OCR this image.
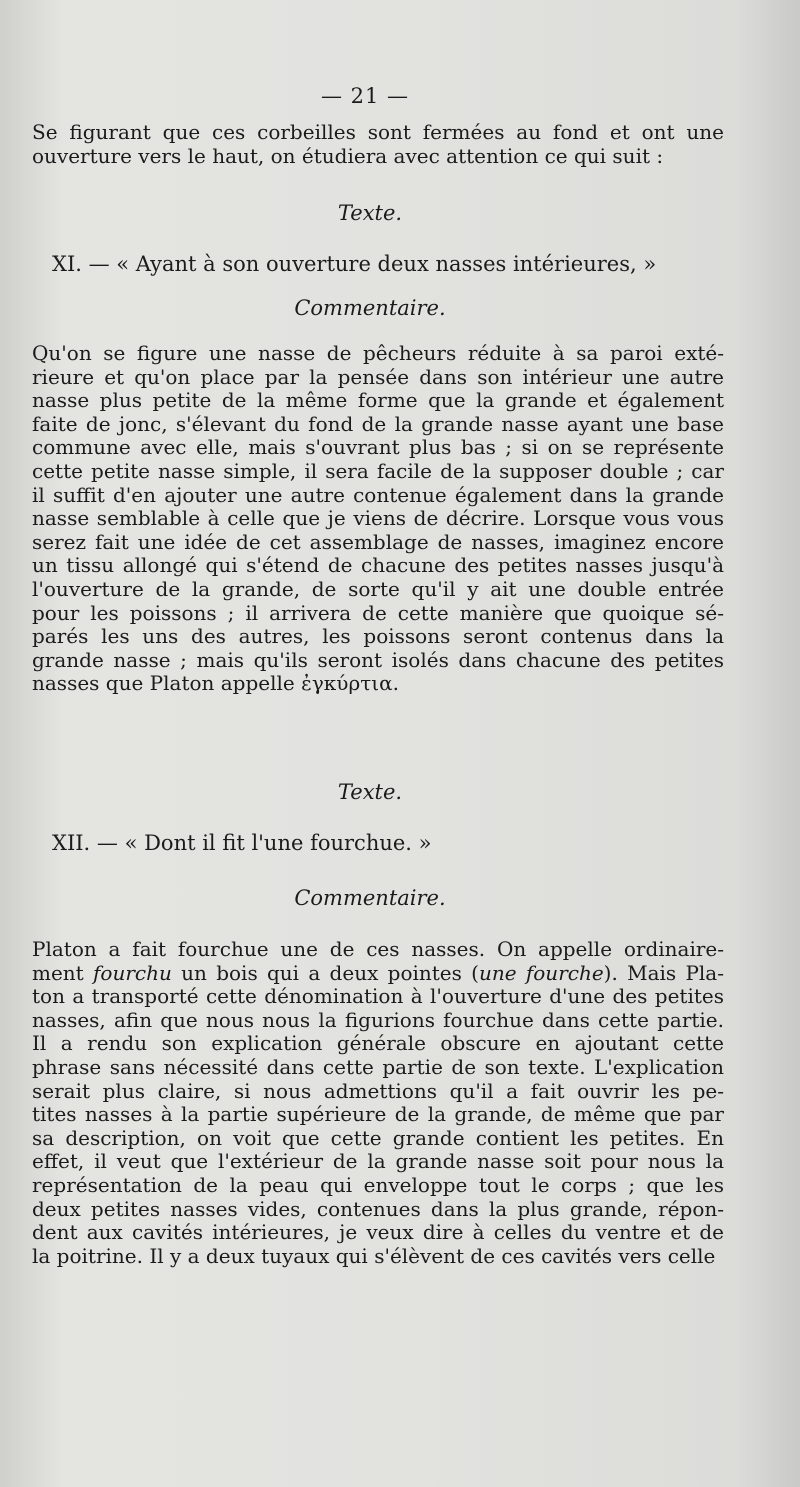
— 21 —
Se figurant que ces corbeilles sont fermées au fond et ont une
ouverture vers le haut, on étudiera avec attention ce qui suit :
Texte.
XI. — « Ayant à son ouverture deux nasses intérieures, »
Commentaire.
Qu'on se figure une nasse de pêcheurs réduite à sa paroi exté-
rieure et qu'on place par la pensée dans son intérieur une autre
nasse plus petite de la même forme que la grande et également
faite de jonc, s'élevant du fond de la grande nasse ayant une base
commune avec elle, mais s'ouvrant plus bas ; si on se représente
cette petite nasse simple, il sera facile de la supposer double ; car
il suffit d'en ajouter une autre contenue également dans la grande
nasse semblable à celle que je viens de décrire. Lorsque vous vous
serez fait une idée de cet assemblage de nasses, imaginez encore
un tissu allongé qui s'étend de chacune des petites nasses jusqu'à
l'ouverture de la grande, de sorte qu'il y ait une double entrée
pour les poissons ; il arrivera de cette manière que quoique sé-
parés les uns des autres, les poissons seront contenus dans la
grande nasse ; mais qu'ils seront isolés dans chacune des petites
nasses que Platon appelle ἐγκύρτια.
Texte.
XII. — « Dont il fit l'une fourchue. »
Commentaire.
Platon a fait fourchue une de ces nasses. On appelle ordinaire-
ment fourchu un bois qui a deux pointes (une fourche). Mais Pla-
ton a transporté cette dénomination à l'ouverture d'une des petites
nasses, afin que nous nous la figurions fourchue dans cette partie.
Il a rendu son explication générale obscure en ajoutant cette
phrase sans nécessité dans cette partie de son texte. L'explication
serait plus claire, si nous admettions qu'il a fait ouvrir les pe-
tites nasses à la partie supérieure de la grande, de même que par
sa description, on voit que cette grande contient les petites. En
effet, il veut que l'extérieur de la grande nasse soit pour nous la
représentation de la peau qui enveloppe tout le corps ; que les
deux petites nasses vides, contenues dans la plus grande, répon-
dent aux cavités intérieures, je veux dire à celles du ventre et de
la poitrine. Il y a deux tuyaux qui s'élèvent de ces cavités vers celle
